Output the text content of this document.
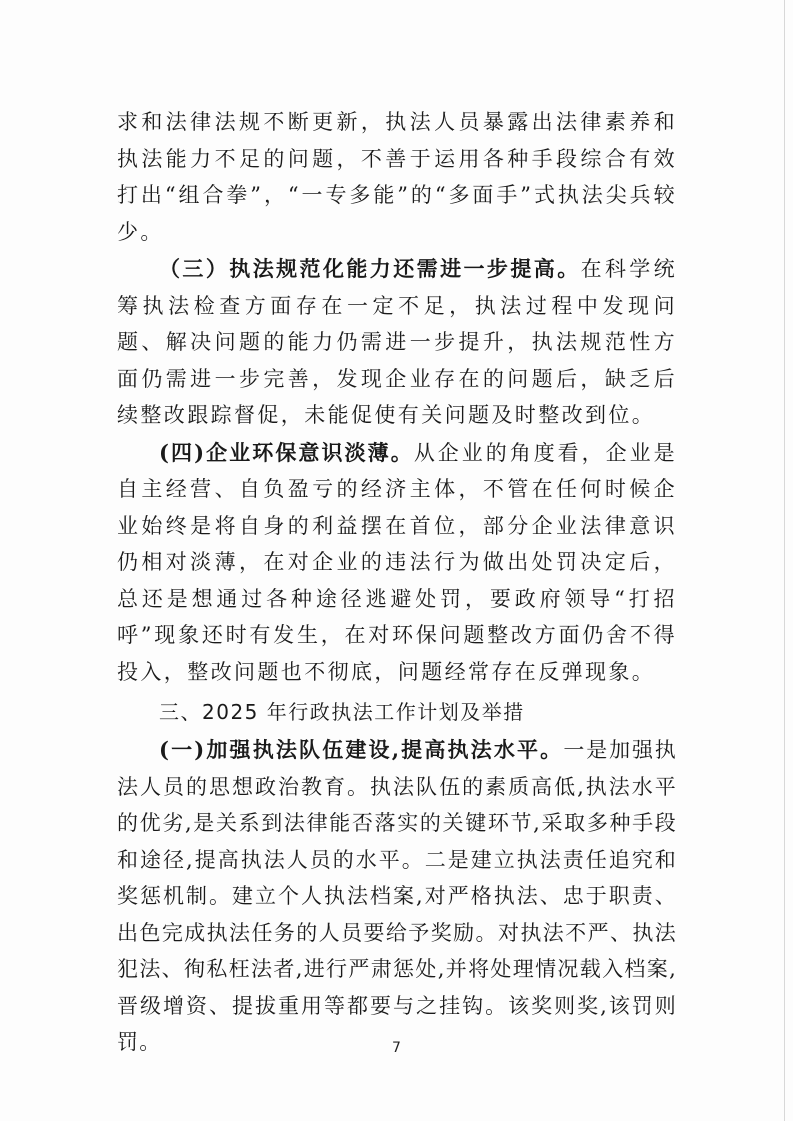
求和法律法规不断更新，执法人员暴露出法律素养和执法能力不足的问题，不善于运用各种手段综合有效打出“组合拳”，“一专多能”的“多面手”式执法尖兵较少。

（三）执法规范化能力还需进一步提高。在科学统筹执法检查方面存在一定不足，执法过程中发现问题、解决问题的能力仍需进一步提升，执法规范性方面仍需进一步完善，发现企业存在的问题后，缺乏后续整改跟踪督促，未能促使有关问题及时整改到位。

(四)企业环保意识淡薄。从企业的角度看，企业是自主经营、自负盈亏的经济主体，不管在任何时候企业始终是将自身的利益摆在首位，部分企业法律意识仍相对淡薄，在对企业的违法行为做出处罚决定后，总还是想通过各种途径逃避处罚，要政府领导“打招呼”现象还时有发生，在对环保问题整改方面仍舍不得投入，整改问题也不彻底，问题经常存在反弹现象。

三、2025 年行政执法工作计划及举措

(一)加强执法队伍建设,提高执法水平。一是加强执法人员的思想政治教育。执法队伍的素质高低,执法水平的优劣,是关系到法律能否落实的关键环节,采取多种手段和途径,提高执法人员的水平。二是建立执法责任追究和奖惩机制。建立个人执法档案,对严格执法、忠于职责、出色完成执法任务的人员要给予奖励。对执法不严、执法犯法、徇私枉法者,进行严肃惩处,并将处理情况载入档案,晋级增资、提拔重用等都要与之挂钩。该奖则奖,该罚则罚。	7
